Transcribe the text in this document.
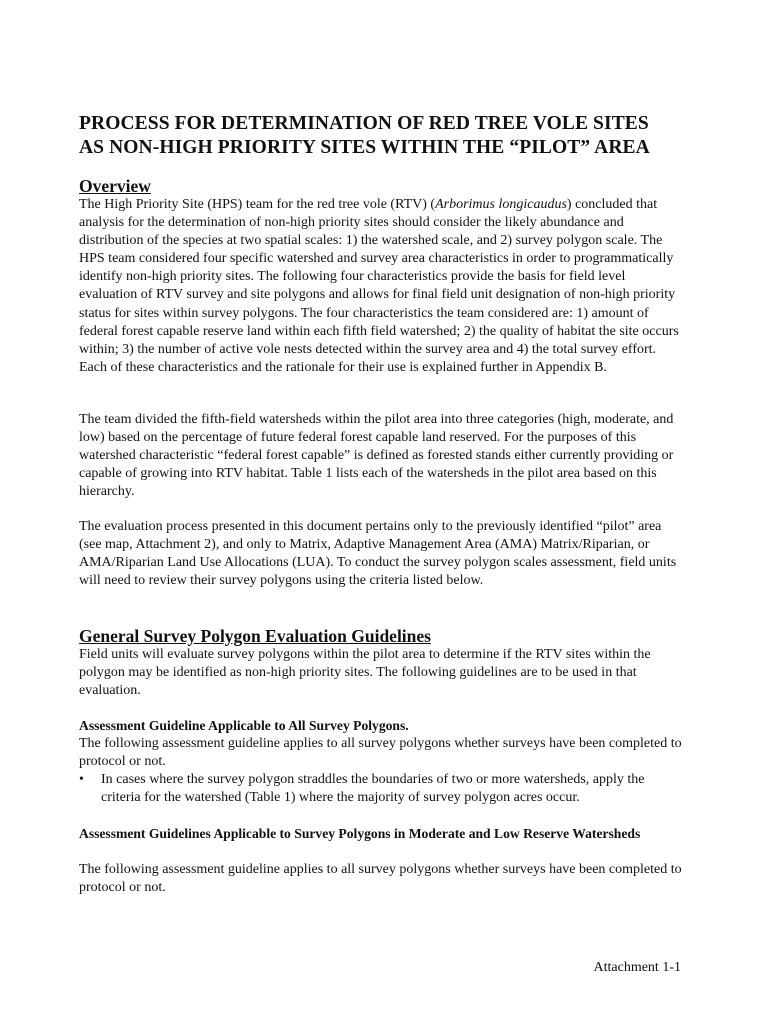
PROCESS FOR DETERMINATION OF RED TREE VOLE SITES
AS NON-HIGH PRIORITY SITES WITHIN THE “PILOT” AREA
Overview
The High Priority Site (HPS) team for the red tree vole (RTV) (Arborimus longicaudus) concluded that analysis for the determination of non-high priority sites should consider the likely abundance and distribution of the species at two spatial scales: 1) the watershed scale, and 2) survey polygon scale. The HPS team considered four specific watershed and survey area characteristics in order to programmatically identify non-high priority sites. The following four characteristics provide the basis for field level evaluation of RTV survey and site polygons and allows for final field unit designation of non-high priority status for sites within survey polygons. The four characteristics the team considered are: 1) amount of federal forest capable reserve land within each fifth field watershed; 2) the quality of habitat the site occurs within; 3) the number of active vole nests detected within the survey area and 4) the total survey effort. Each of these characteristics and the rationale for their use is explained further in Appendix B.
The team divided the fifth-field watersheds within the pilot area into three categories (high, moderate, and low) based on the percentage of future federal forest capable land reserved. For the purposes of this watershed characteristic “federal forest capable” is defined as forested stands either currently providing or capable of growing into RTV habitat. Table 1 lists each of the watersheds in the pilot area based on this hierarchy.
The evaluation process presented in this document pertains only to the previously identified “pilot” area (see map, Attachment 2), and only to Matrix, Adaptive Management Area (AMA) Matrix/Riparian, or AMA/Riparian Land Use Allocations (LUA). To conduct the survey polygon scales assessment, field units will need to review their survey polygons using the criteria listed below.
General Survey Polygon Evaluation Guidelines
Field units will evaluate survey polygons within the pilot area to determine if the RTV sites within the polygon may be identified as non-high priority sites. The following guidelines are to be used in that evaluation.
Assessment Guideline Applicable to All Survey Polygons.
The following assessment guideline applies to all survey polygons whether surveys have been completed to protocol or not.
• In cases where the survey polygon straddles the boundaries of two or more watersheds, apply the criteria for the watershed (Table 1) where the majority of survey polygon acres occur.
Assessment Guidelines Applicable to Survey Polygons in Moderate and Low Reserve Watersheds
The following assessment guideline applies to all survey polygons whether surveys have been completed to protocol or not.
Attachment 1-1
